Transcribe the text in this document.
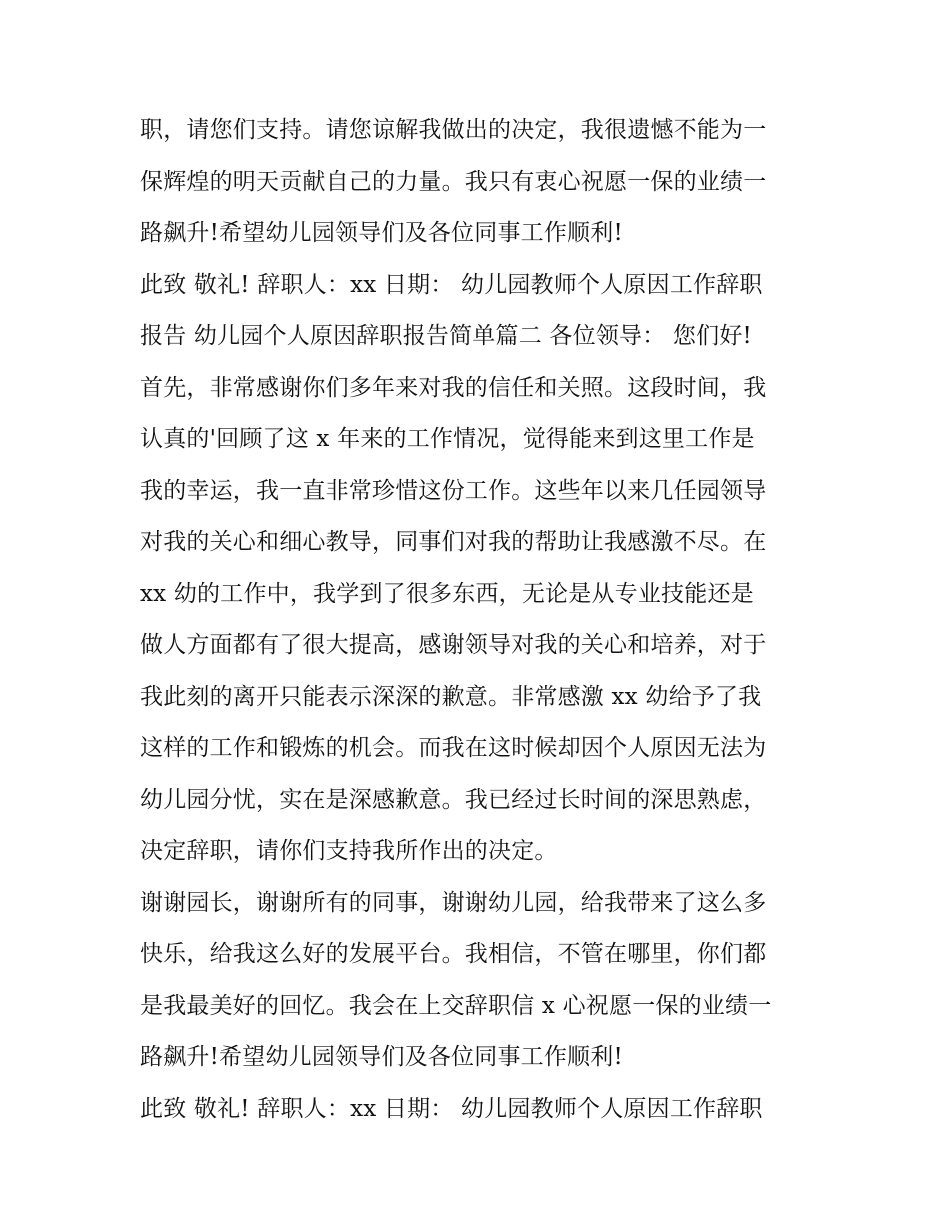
职，请您们支持。请您谅解我做出的决定，我很遗憾不能为一
保辉煌的明天贡献自己的力量。我只有衷心祝愿一保的业绩一
路飙升!希望幼儿园领导们及各位同事工作顺利!
此致 敬礼! 辞职人：xx 日期： 幼儿园教师个人原因工作辞职
报告 幼儿园个人原因辞职报告简单篇二 各位领导： 您们好!
首先，非常感谢你们多年来对我的信任和关照。这段时间，我
认真的'回顾了这 x 年来的工作情况，觉得能来到这里工作是
我的幸运，我一直非常珍惜这份工作。这些年以来几任园领导
对我的关心和细心教导，同事们对我的帮助让我感激不尽。在
xx 幼的工作中，我学到了很多东西，无论是从专业技能还是
做人方面都有了很大提高，感谢领导对我的关心和培养，对于
我此刻的离开只能表示深深的歉意。非常感激 xx 幼给予了我
这样的工作和锻炼的机会。而我在这时候却因个人原因无法为
幼儿园分忧，实在是深感歉意。我已经过长时间的深思熟虑，
决定辞职，请你们支持我所作出的决定。
谢谢园长，谢谢所有的同事，谢谢幼儿园，给我带来了这么多
快乐，给我这么好的发展平台。我相信，不管在哪里，你们都
是我最美好的回忆。我会在上交辞职信 x 心祝愿一保的业绩一
路飙升!希望幼儿园领导们及各位同事工作顺利!
此致 敬礼! 辞职人：xx 日期： 幼儿园教师个人原因工作辞职
